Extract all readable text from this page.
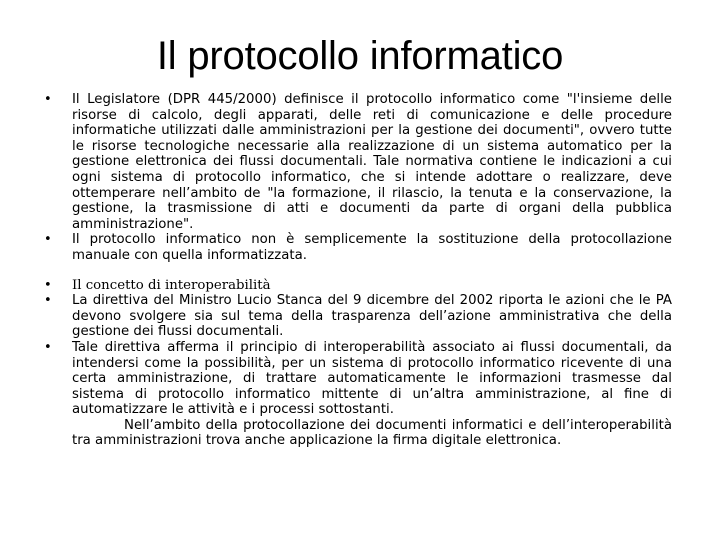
Il protocollo informatico
• Il Legislatore (DPR 445/2000) definisce il protocollo informatico come "l'insieme delle risorse di calcolo, degli apparati, delle reti di comunicazione e delle procedure informatiche utilizzati dalle amministrazioni per la gestione dei documenti", ovvero tutte le risorse tecnologiche necessarie alla realizzazione di un sistema automatico per la gestione elettronica dei flussi documentali. Tale normativa contiene le indicazioni a cui ogni sistema di protocollo informatico, che si intende adottare o realizzare, deve ottemperare nell’ambito de "la formazione, il rilascio, la tenuta e la conservazione, la gestione, la trasmissione di atti e documenti da parte di organi della pubblica amministrazione".
• Il protocollo informatico non è semplicemente la sostituzione della protocollazione manuale con quella informatizzata.
• Il concetto di interoperabilità
• La direttiva del Ministro Lucio Stanca del 9 dicembre del 2002 riporta le azioni che le PA devono svolgere sia sul tema della trasparenza dell’azione amministrativa che della gestione dei flussi documentali.
• Tale direttiva afferma il principio di interoperabilità associato ai flussi documentali, da intendersi come la possibilità, per un sistema di protocollo informatico ricevente di una certa amministrazione, di trattare automaticamente le informazioni trasmesse dal sistema di protocollo informatico mittente di un’altra amministrazione, al fine di automatizzare le attività e i processi sottostanti.
Nell’ambito della protocollazione dei documenti informatici e dell’interoperabilità tra amministrazioni trova anche applicazione la firma digitale elettronica.
